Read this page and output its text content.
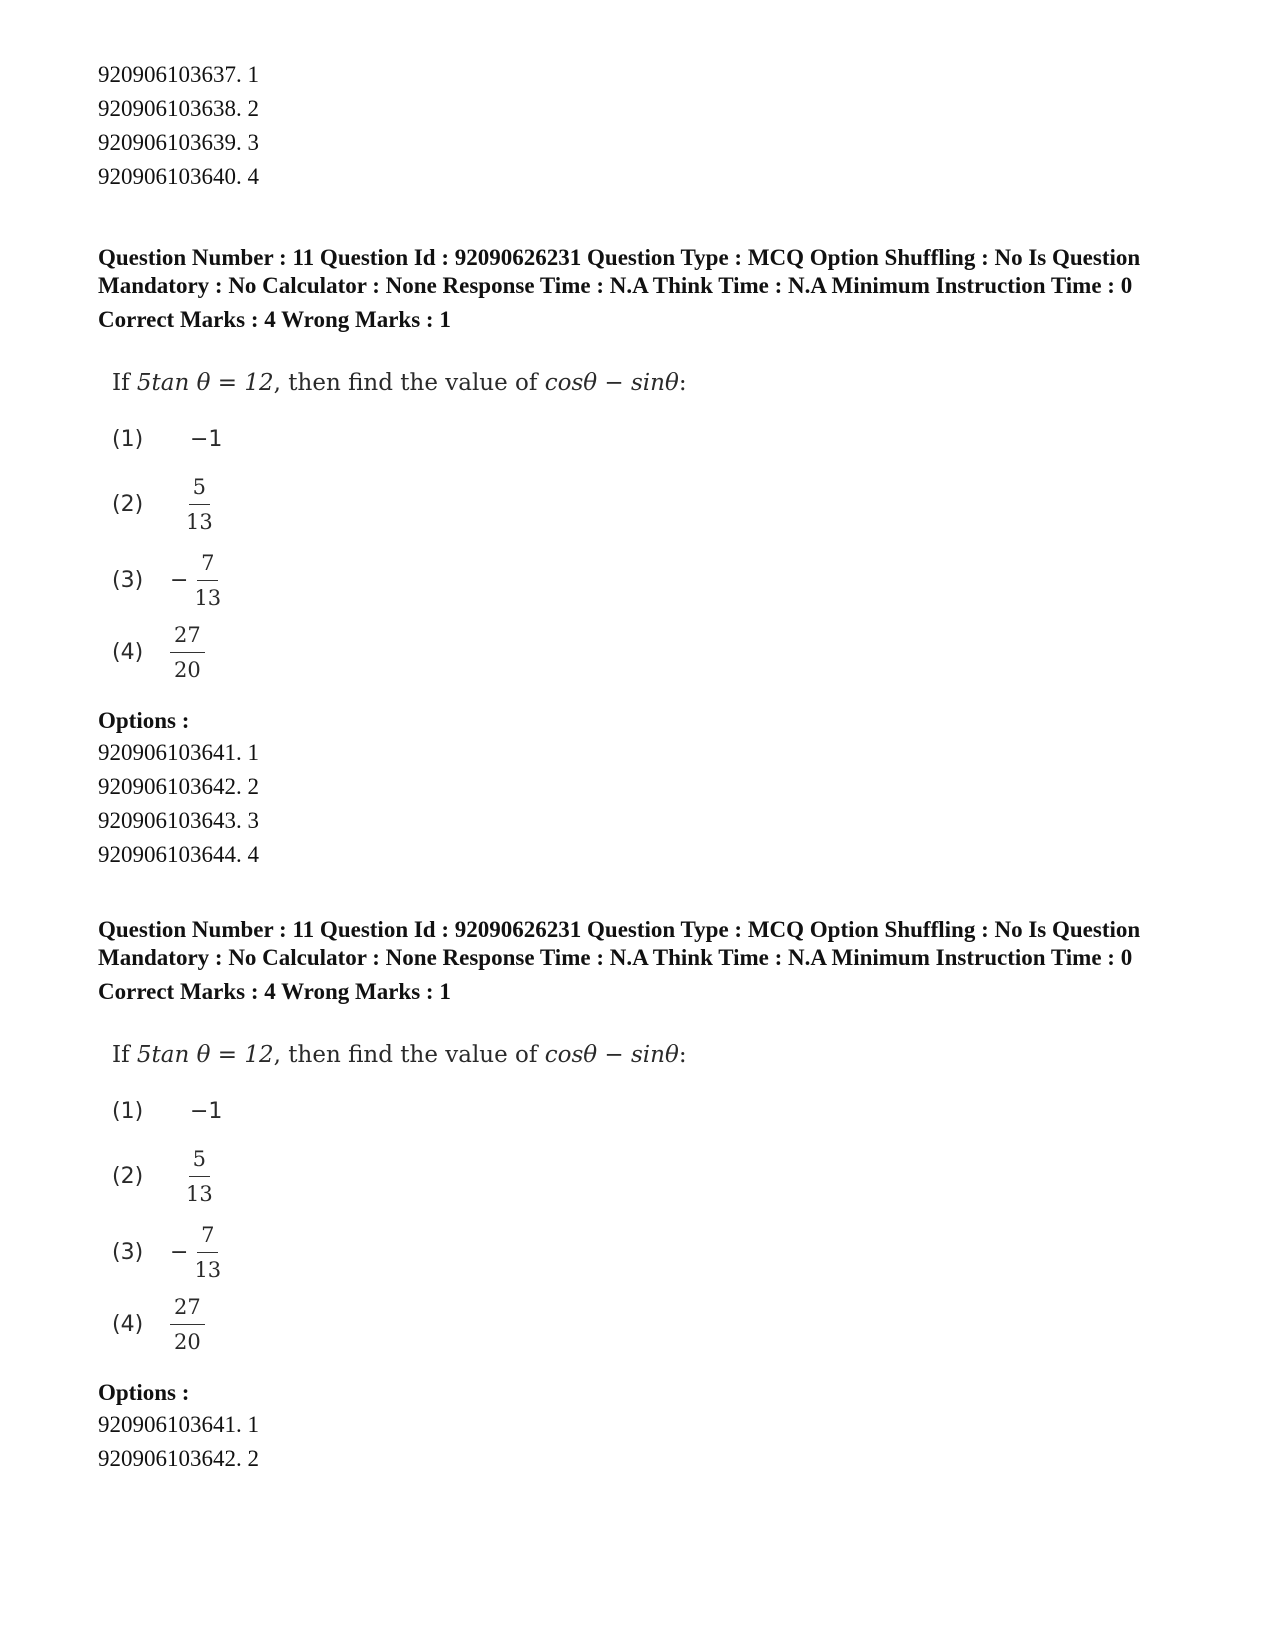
920906103637. 1
920906103638. 2
920906103639. 3
920906103640. 4
Question Number : 11 Question Id : 92090626231 Question Type : MCQ Option Shuffling : No Is Question Mandatory : No Calculator : None Response Time : N.A Think Time : N.A Minimum Instruction Time : 0
Correct Marks : 4 Wrong Marks : 1
If 5tan θ = 12, then find the value of cosθ − sinθ:
(1)	−1
(2)	$\frac{5}{13}$
(3)	− $\frac{7}{13}$
(4)	$\frac{27}{20}$
Options :
920906103641. 1
920906103642. 2
920906103643. 3
920906103644. 4
Question Number : 11 Question Id : 92090626231 Question Type : MCQ Option Shuffling : No Is Question Mandatory : No Calculator : None Response Time : N.A Think Time : N.A Minimum Instruction Time : 0
Correct Marks : 4 Wrong Marks : 1
If 5tan θ = 12, then find the value of cosθ − sinθ:
(1)	−1
(2)	$\frac{5}{13}$
(3)	− $\frac{7}{13}$
(4)	$\frac{27}{20}$
Options :
920906103641. 1
920906103642. 2
